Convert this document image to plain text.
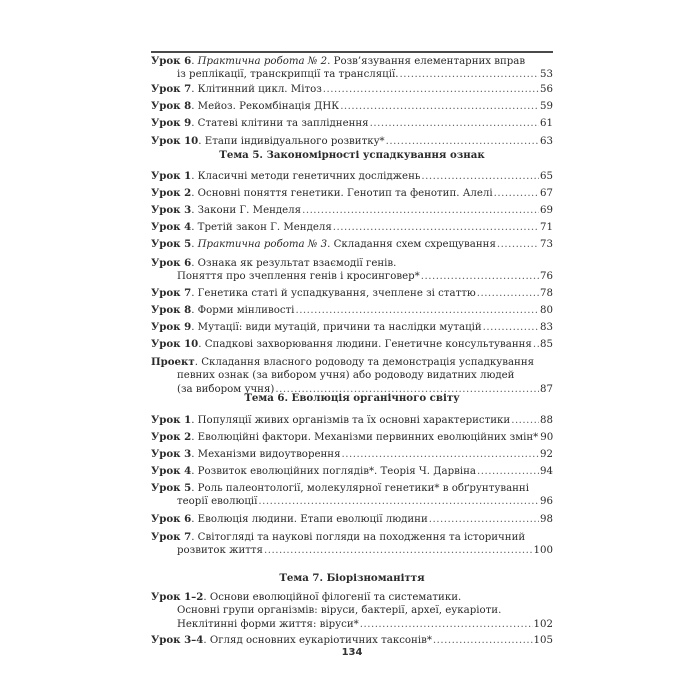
Урок 6. Практична робота № 2. Розв’язування елементарних вправ
із реплікації, транскрипції та трансляції. .....	53
Урок 7. Клітинний цикл. Мітоз .....	56
Урок 8. Мейоз. Рекомбінація ДНК .....	59
Урок 9. Статеві клітини та запліднення .....	61
Урок 10. Етапи індивідуального розвитку* .....	63
Тема 5. Закономірності успадкування ознак
Урок 1. Класичні методи генетичних досліджень .....	65
Урок 2. Основні поняття генетики. Генотип та фенотип. Алелі .....	67
Урок 3. Закони Г. Менделя .....	69
Урок 4. Третій закон Г. Менделя .....	71
Урок 5. Практична робота № 3. Складання схем схрещування .....	73
Урок 6. Ознака як результат взаємодії генів.
Поняття про зчеплення генів і кросинговер* .....	76
Урок 7. Генетика статі й успадкування, зчеплене зі статтю .....	78
Урок 8. Форми мінливості .....	80
Урок 9. Мутації: види мутацій, причини та наслідки мутацій .....	83
Урок 10. Спадкові захворювання людини. Генетичне консультування ..... 85
Проект. Складання власного родоводу та демонстрація успадкування
певних ознак (за вибором учня) або родоводу видатних людей
(за вибором учня) .....	87
Тема 6. Еволюція органічного світу
Урок 1. Популяції живих організмів та їх основні характеристики .....	88
Урок 2. Еволюційні фактори. Механізми первинних еволюційних змін* 90
Урок 3. Механізми видоутворення .....	92
Урок 4. Розвиток еволюційних поглядів*. Теорія Ч. Дарвіна .....	94
Урок 5. Роль палеонтології, молекулярної генетики* в обґрунтуванні
теорії еволюції .....	96
Урок 6. Еволюція людини. Етапи еволюції людини .....	98
Урок 7. Світогляді та наукові погляди на походження та історичний
розвиток життя .....	100
Тема 7. Біорізноманіття
Урок 1–2. Основи еволюційної філогенії та систематики.
Основні групи організмів: віруси, бактерії, археї, еукаріоти.
Неклітинні форми життя: віруси* .....	102
Урок 3–4. Огляд основних еукаріотичних таксонів* .....	105
134
